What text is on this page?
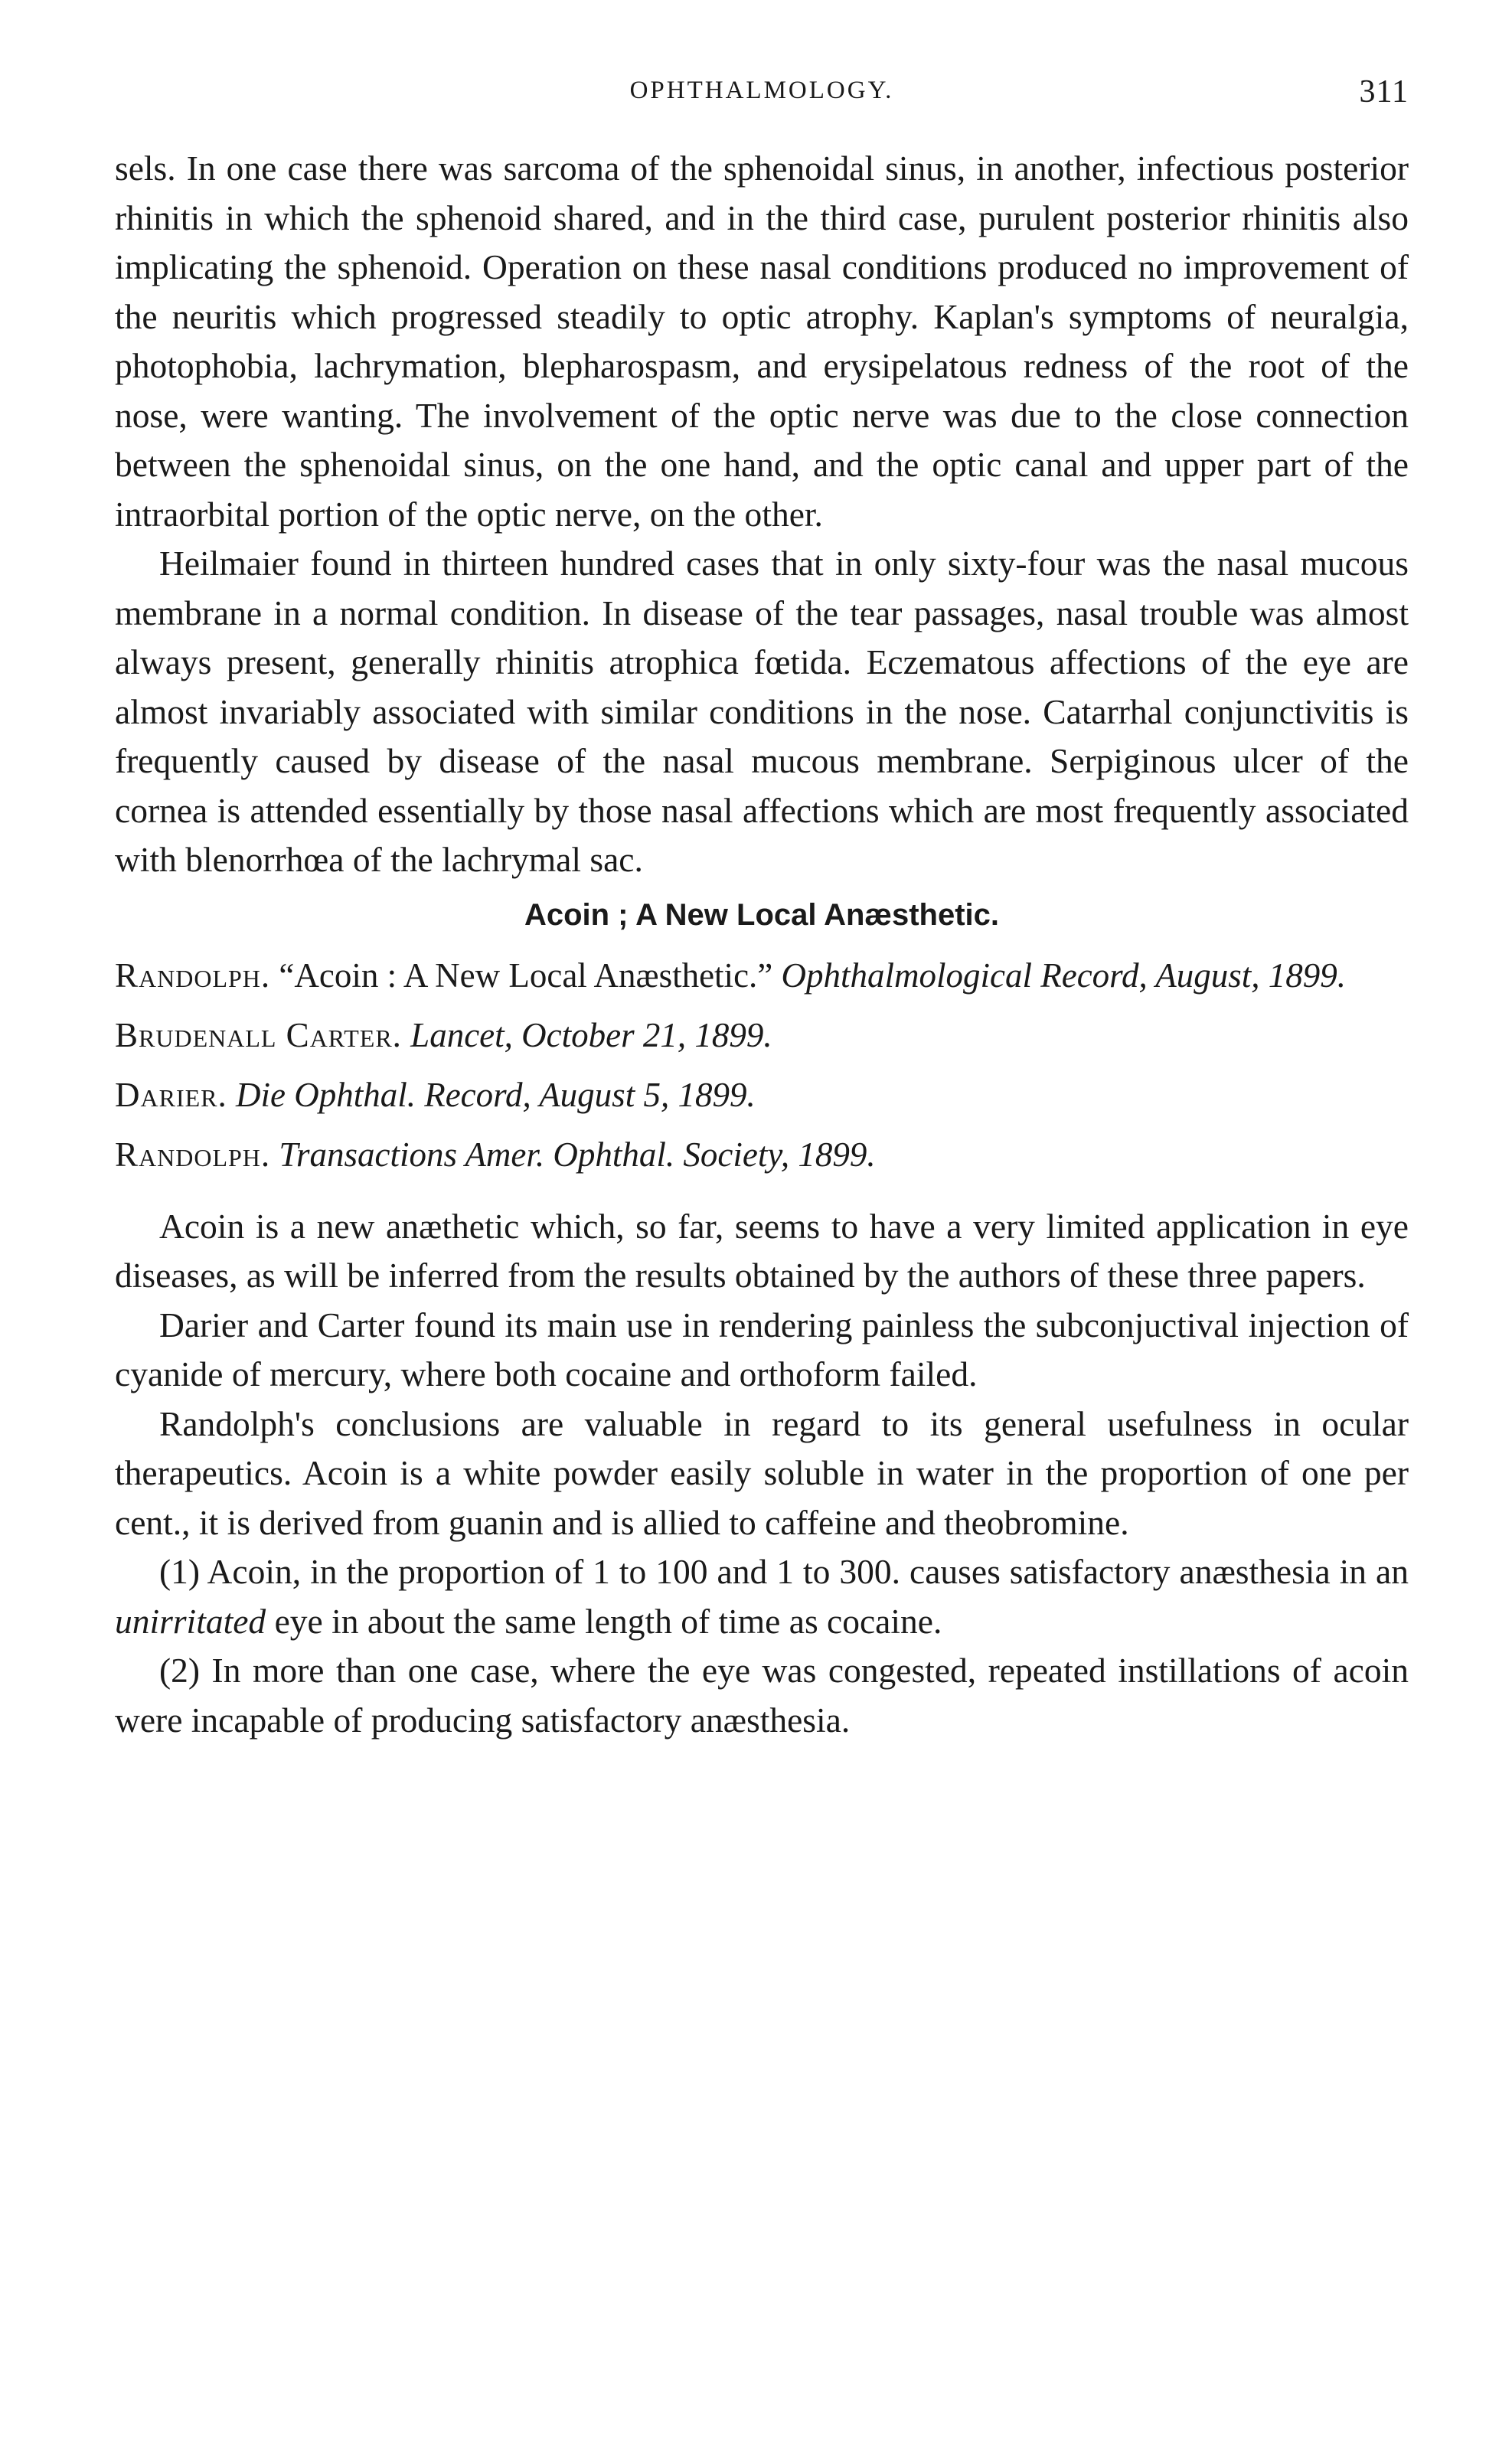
OPHTHALMOLOGY.	311

sels. In one case there was sarcoma of the sphenoidal sinus, in another, infectious posterior rhinitis in which the sphenoid shared, and in the third case, purulent posterior rhinitis also implicating the sphenoid. Operation on these nasal conditions produced no improvement of the neuritis which progressed steadily to optic atrophy. Kaplan's symptoms of neuralgia, photophobia, lachrymation, blepharospasm, and erysipelatous redness of the root of the nose, were wanting. The involvement of the optic nerve was due to the close connection between the sphenoidal sinus, on the one hand, and the optic canal and upper part of the intraorbital portion of the optic nerve, on the other.

Heilmaier found in thirteen hundred cases that in only sixty-four was the nasal mucous membrane in a normal condition. In disease of the tear passages, nasal trouble was almost always present, generally rhinitis atrophica fœtida. Eczematous affections of the eye are almost invariably associated with similar conditions in the nose. Catarrhal conjunctivitis is frequently caused by disease of the nasal mucous membrane. Serpiginous ulcer of the cornea is attended essentially by those nasal affections which are most frequently associated with blenorrhœa of the lachrymal sac.

Acoin ; A New Local Anæsthetic.
Randolph. “Acoin : A New Local Anæsthetic.” Ophthalmological Record, August, 1899.
Brudenall Carter. Lancet, October 21, 1899.
Darier. Die Ophthal. Record, August 5, 1899.
Randolph. Transactions Amer. Ophthal. Society, 1899.

Acoin is a new anæthetic which, so far, seems to have a very limited application in eye diseases, as will be inferred from the results obtained by the authors of these three papers.

Darier and Carter found its main use in rendering painless the subconjuctival injection of cyanide of mercury, where both cocaine and orthoform failed.

Randolph's conclusions are valuable in regard to its general usefulness in ocular therapeutics. Acoin is a white powder easily soluble in water in the proportion of one per cent., it is derived from guanin and is allied to caffeine and theobromine.

(1) Acoin, in the proportion of 1 to 100 and 1 to 300. causes satisfactory anæsthesia in an unirritated eye in about the same length of time as cocaine.

(2) In more than one case, where the eye was congested, repeated instillations of acoin were incapable of producing satisfactory anæsthesia.
